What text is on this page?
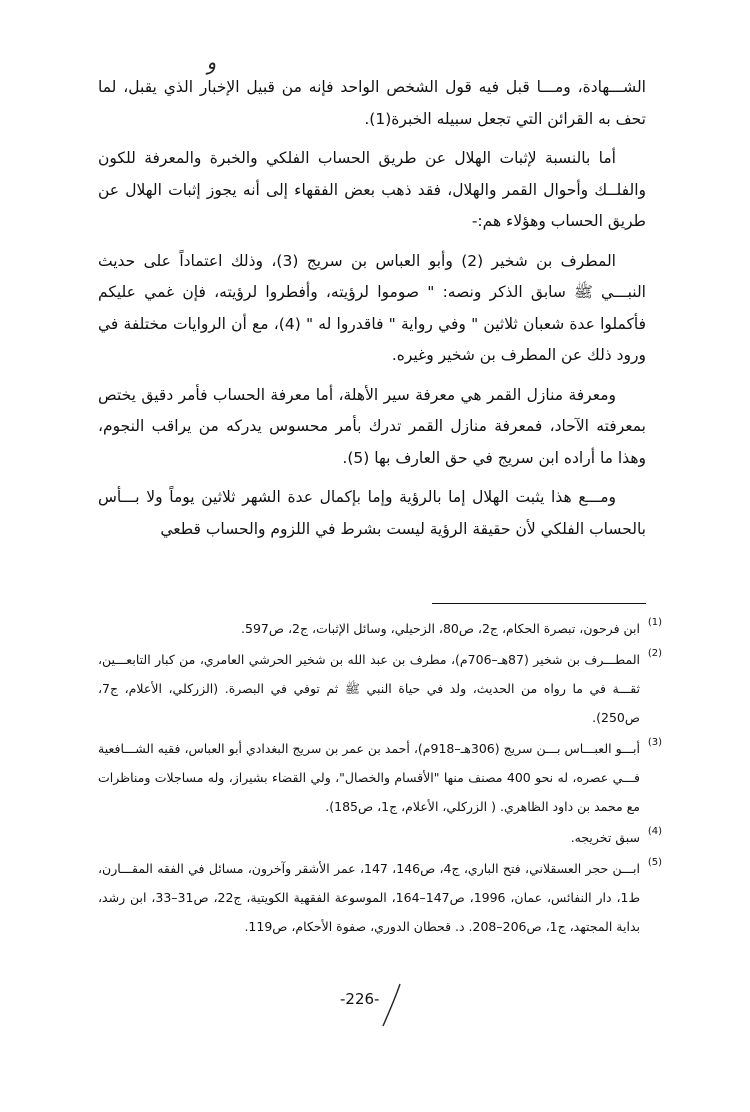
و

الشـــهادة، ومـــا قبل فيه قول الشخص الواحد فإنه من قبيل الإخبار الذي يقبل، لما تحف به القرائن التي تجعل سبيله الخبرة(1).

أما بالنسبة لإثبات الهلال عن طريق الحساب الفلكي والخبرة والمعرفة للكون والفلــك وأحوال القمر والهلال، فقد ذهب بعض الفقهاء إلى أنه يجوز إثبات الهلال عن طريق الحساب وهؤلاء هم:-

المطرف بن شخير (2) وأبو العباس بن سريج (3)، وذلك اعتماداً على حديث النبـــي ﷺ سابق الذكر ونصه: " صوموا لرؤيته، وأفطروا لرؤيته، فإن غمي عليكم فأكملوا عدة شعبان ثلاثين " وفي رواية " فاقدروا له " (4)، مع أن الروايات مختلفة في ورود ذلك عن المطرف بن شخير وغيره.

ومعرفة منازل القمر هي معرفة سير الأهلة، أما معرفة الحساب فأمر دقيق يختص بمعرفته الآحاد، فمعرفة منازل القمر تدرك بأمر محسوس يدركه من يراقب النجوم، وهذا ما أراده ابن سريج في حق العارف بها (5).

ومـــع هذا يثبت الهلال إما بالرؤية وإما بإكمال عدة الشهر ثلاثين يوماً ولا بـــأس بالحساب الفلكي لأن حقيقة الرؤية ليست بشرط في اللزوم والحساب قطعي

(1)
ابن فرحون، تبصرة الحكام، ج2، ص80، الزحيلي، وسائل الإثبات، ج2، ص597.
(2)
المطـــرف بن شخير (87هـ–706م)، مطرف بن عبد الله بن شخير الحرشي العامري، من كبار التابعـــين، ثقـــة في ما رواه من الحديث، ولد في حياة النبي ﷺ ثم توفي في البصرة. (الزركلي، الأعلام، ج7، ص250).
(3)
أبـــو العبـــاس بـــن سريج (306هـ–918م)، أحمد بن عمر بن سريج البغدادي أبو العباس، فقيه الشـــافعية فـــي عصره، له نحو 400 مصنف منها "الأقسام والخصال"، ولي القضاء بشيراز، وله مساجلات ومناظرات مع محمد بن داود الظاهري. ( الزركلي، الأعلام، ج1، ص185).
(4)
سبق تخريجه.
(5)
ابـــن حجر العسقلاني، فتح الباري، ج4، ص146، 147، عمر الأشقر وآخرون، مسائل في الفقه المقـــارن، ط1، دار النفائس، عمان، 1996، ص147–164، الموسوعة الفقهية الكويتية، ج22، ص31–33، ابن رشد، بداية المجتهد، ج1، ص206–208. د. قحطان الدوري، صفوة الأحكام، ص119.
-226-
